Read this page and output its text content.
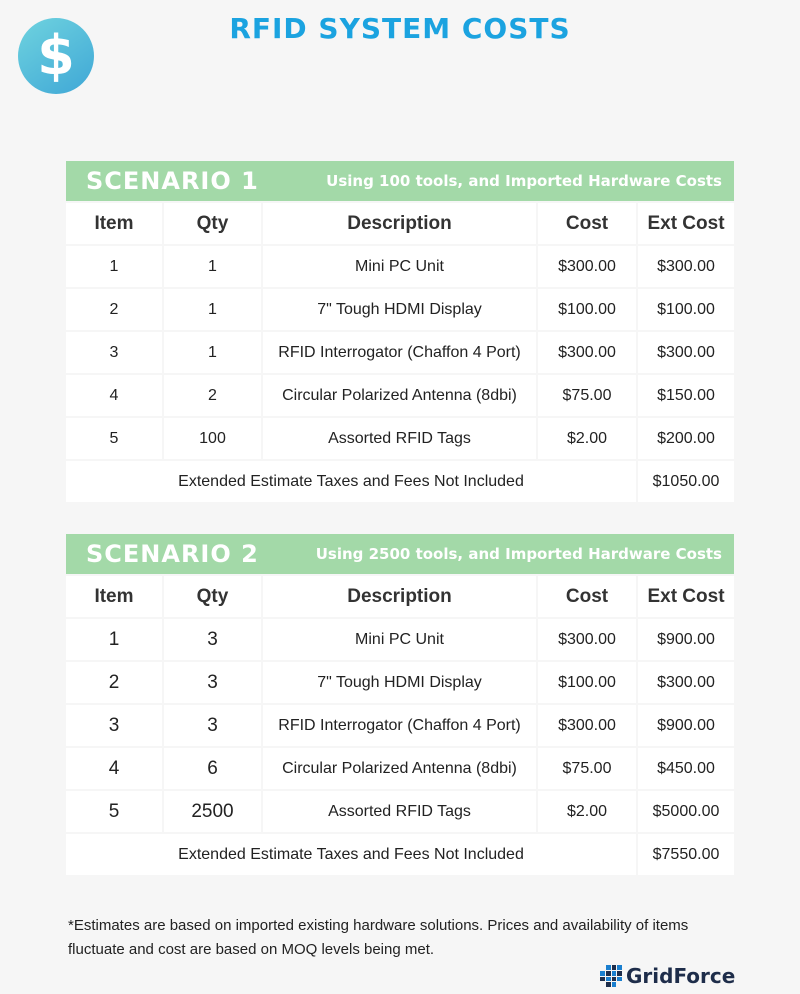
$	RFID SYSTEM COSTS
SCENARIO 1	Using 100 tools, and Imported Hardware Costs
Item	Qty	Description	Cost	Ext Cost
1	1	Mini PC Unit	$300.00	$300.00
2	1	7" Tough HDMI Display	$100.00	$100.00
3	1	RFID Interrogator (Chaffon 4 Port)	$300.00	$300.00
4	2	Circular Polarized Antenna (8dbi)	$75.00	$150.00
5	100	Assorted RFID Tags	$2.00	$200.00
Extended Estimate Taxes and Fees Not Included	$1050.00
SCENARIO 2	Using 2500 tools, and Imported Hardware Costs
Item	Qty	Description	Cost	Ext Cost
1	3	Mini PC Unit	$300.00	$900.00
2	3	7" Tough HDMI Display	$100.00	$300.00
3	3	RFID Interrogator (Chaffon 4 Port)	$300.00	$900.00
4	6	Circular Polarized Antenna (8dbi)	$75.00	$450.00
5	2500	Assorted RFID Tags	$2.00	$5000.00
Extended Estimate Taxes and Fees Not Included	$7550.00

*Estimates are based on imported existing hardware solutions. Prices and availability of items fluctuate and cost are based on MOQ levels being met.

GridForce
